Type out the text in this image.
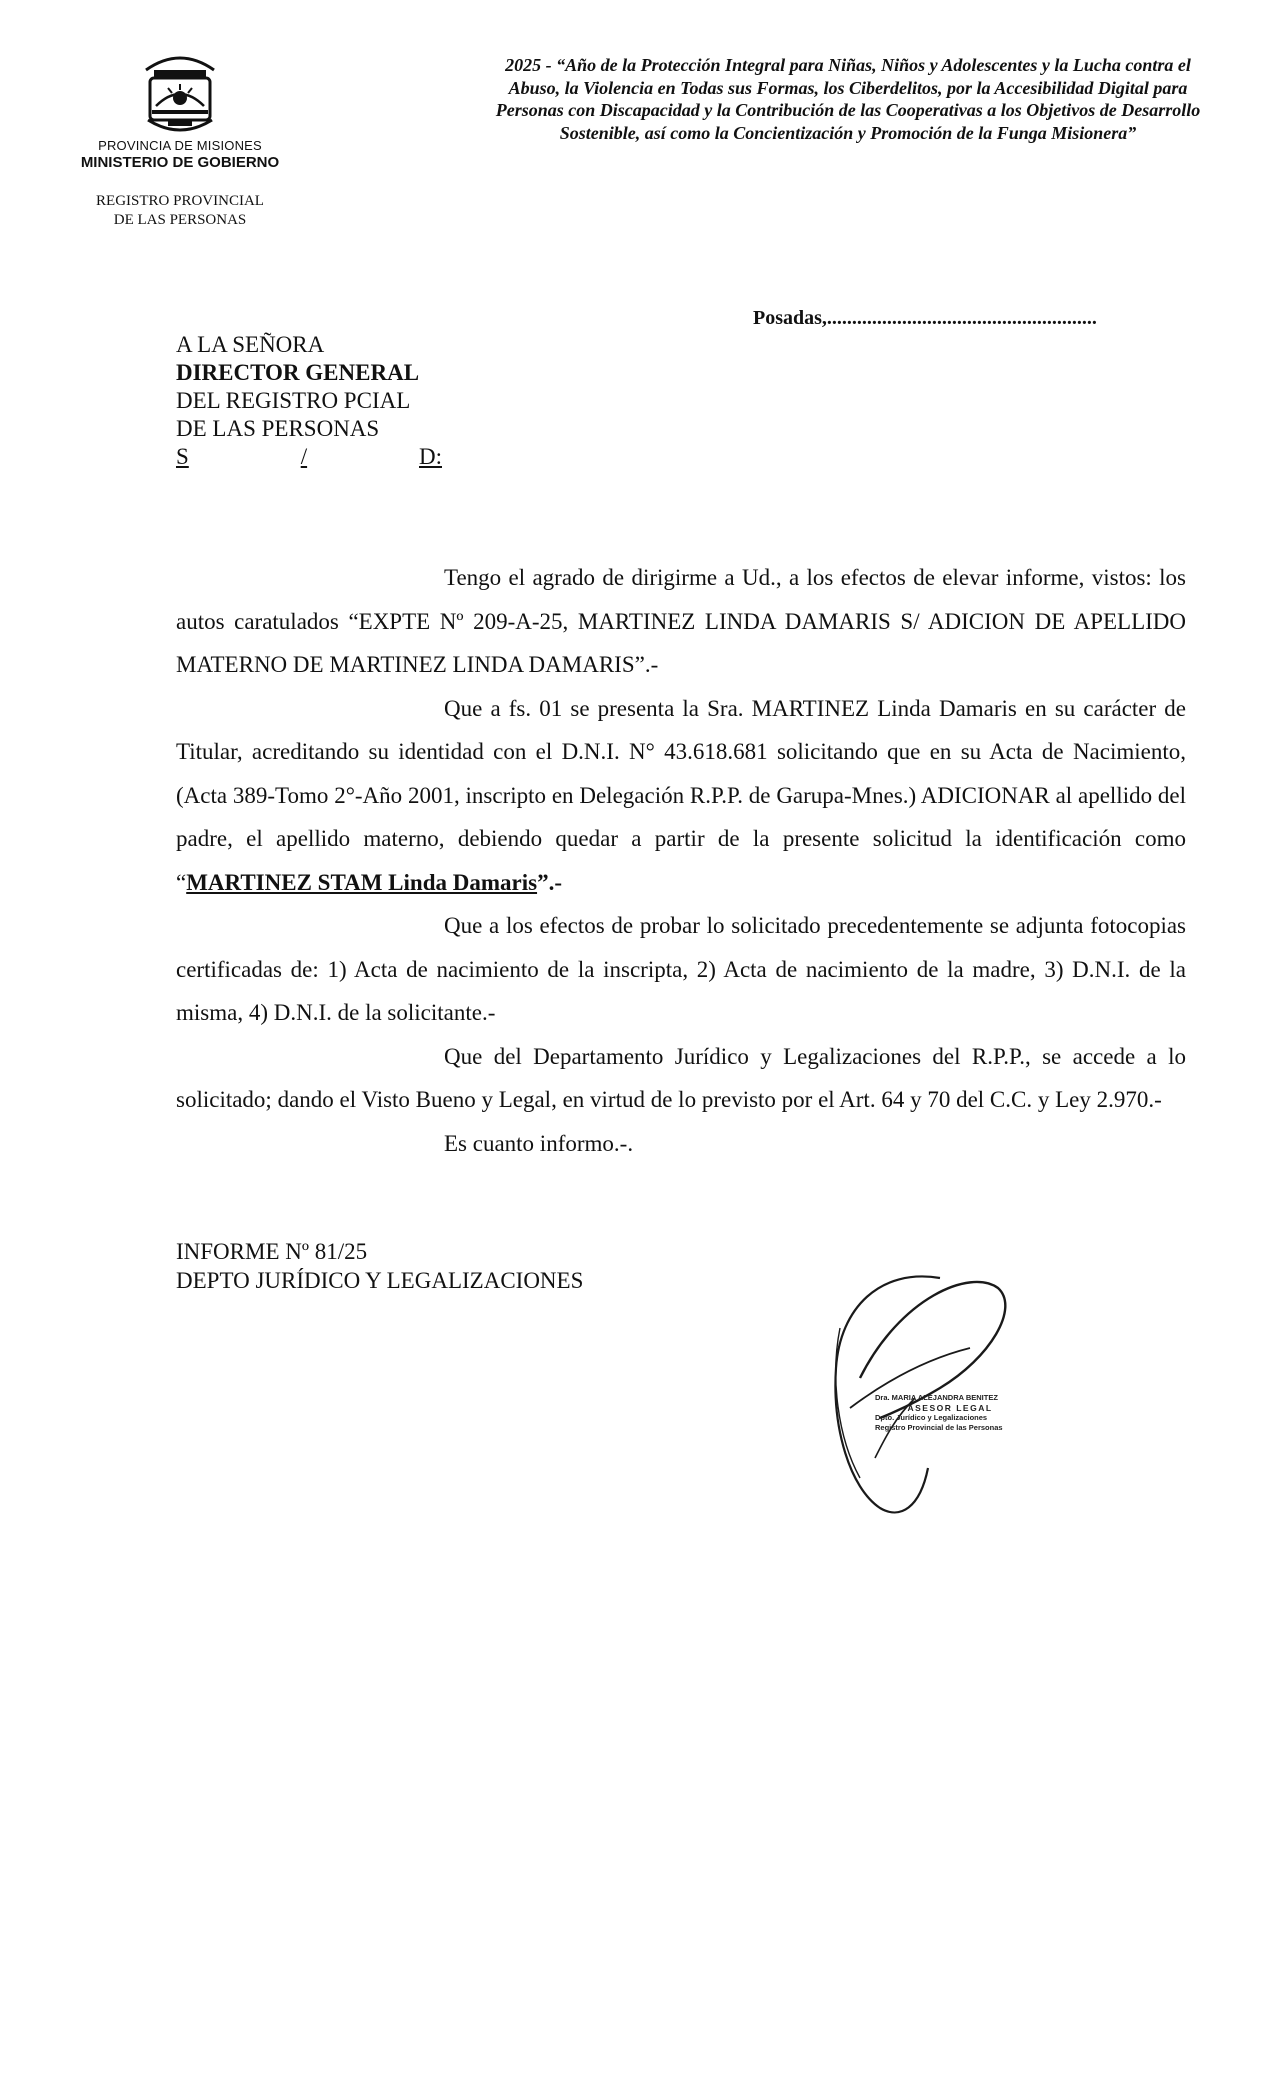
PROVINCIA DE MISIONES
MINISTERIO DE GOBIERNO
REGISTRO PROVINCIAL
DE LAS PERSONAS
2025 - “Año de la Protección Integral para Niñas, Niños y Adolescentes y la Lucha contra el Abuso, la Violencia en Todas sus Formas, los Ciberdelitos, por la Accesibilidad Digital para Personas con Discapacidad y la Contribución de las Cooperativas a los Objetivos de Desarrollo Sostenible, así como la Concientización y Promoción de la Funga Misionera”
Posadas,......................................................
A LA SEÑORA
DIRECTOR GENERAL
DEL REGISTRO PCIAL
DE LAS PERSONAS
S	/	D:

Tengo el agrado de dirigirme a Ud., a los efectos de elevar informe, vistos: los autos caratulados “EXPTE Nº 209-A-25, MARTINEZ LINDA DAMARIS S/ ADICION DE APELLIDO MATERNO DE MARTINEZ LINDA DAMARIS”.-

Que a fs. 01 se presenta la Sra. MARTINEZ Linda Damaris en su carácter de Titular, acreditando su identidad con el D.N.I. N° 43.618.681 solicitando que en su Acta de Nacimiento, (Acta 389-Tomo 2°-Año 2001, inscripto en Delegación R.P.P. de Garupa-Mnes.) ADICIONAR al apellido del padre, el apellido materno, debiendo quedar a partir de la presente solicitud la identificación como “MARTINEZ STAM Linda Damaris”.-

Que a los efectos de probar lo solicitado precedentemente se adjunta fotocopias certificadas de: 1) Acta de nacimiento de la inscripta, 2) Acta de nacimiento de la madre, 3) D.N.I. de la misma, 4) D.N.I. de la solicitante.-

Que del Departamento Jurídico y Legalizaciones del R.P.P., se accede a lo solicitado; dando el Visto Bueno y Legal, en virtud de lo previsto por el Art. 64 y 70 del C.C. y Ley 2.970.-

Es cuanto informo.-.

INFORME Nº 81/25
DEPTO JURÍDICO Y LEGALIZACIONES
Dra. MARIA ALEJANDRA BENITEZ
ASESOR LEGAL
Dpto. Jurídico y Legalizaciones
Registro Provincial de las Personas
